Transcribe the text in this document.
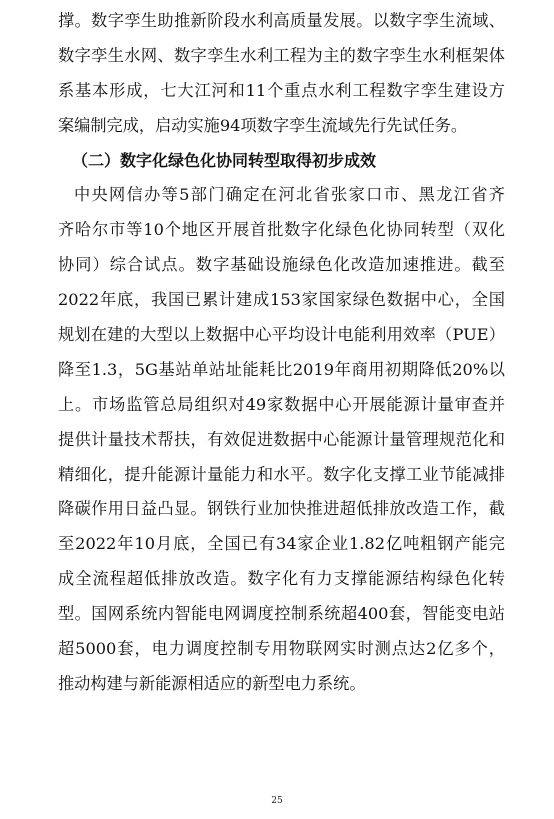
撑。数字孪生助推新阶段水利高质量发展。以数字孪生流域、
数字孪生水网、数字孪生水利工程为主的数字孪生水利框架体
系基本形成，七大江河和11个重点水利工程数字孪生建设方
案编制完成，启动实施94项数字孪生流域先行先试任务。
（二）数字化绿色化协同转型取得初步成效
中央网信办等5部门确定在河北省张家口市、黑龙江省齐
齐哈尔市等10个地区开展首批数字化绿色化协同转型（双化
协同）综合试点。数字基础设施绿色化改造加速推进。截至
2022年底，我国已累计建成153家国家绿色数据中心，全国
规划在建的大型以上数据中心平均设计电能利用效率（PUE）
降至1.3，5G基站单站址能耗比2019年商用初期降低20%以
上。市场监管总局组织对49家数据中心开展能源计量审查并
提供计量技术帮扶，有效促进数据中心能源计量管理规范化和
精细化，提升能源计量能力和水平。数字化支撑工业节能减排
降碳作用日益凸显。钢铁行业加快推进超低排放改造工作，截
至2022年10月底，全国已有34家企业1.82亿吨粗钢产能完
成全流程超低排放改造。数字化有力支撑能源结构绿色化转
型。国网系统内智能电网调度控制系统超400套，智能变电站
超5000套，电力调度控制专用物联网实时测点达2亿多个，
推动构建与新能源相适应的新型电力系统。
25
